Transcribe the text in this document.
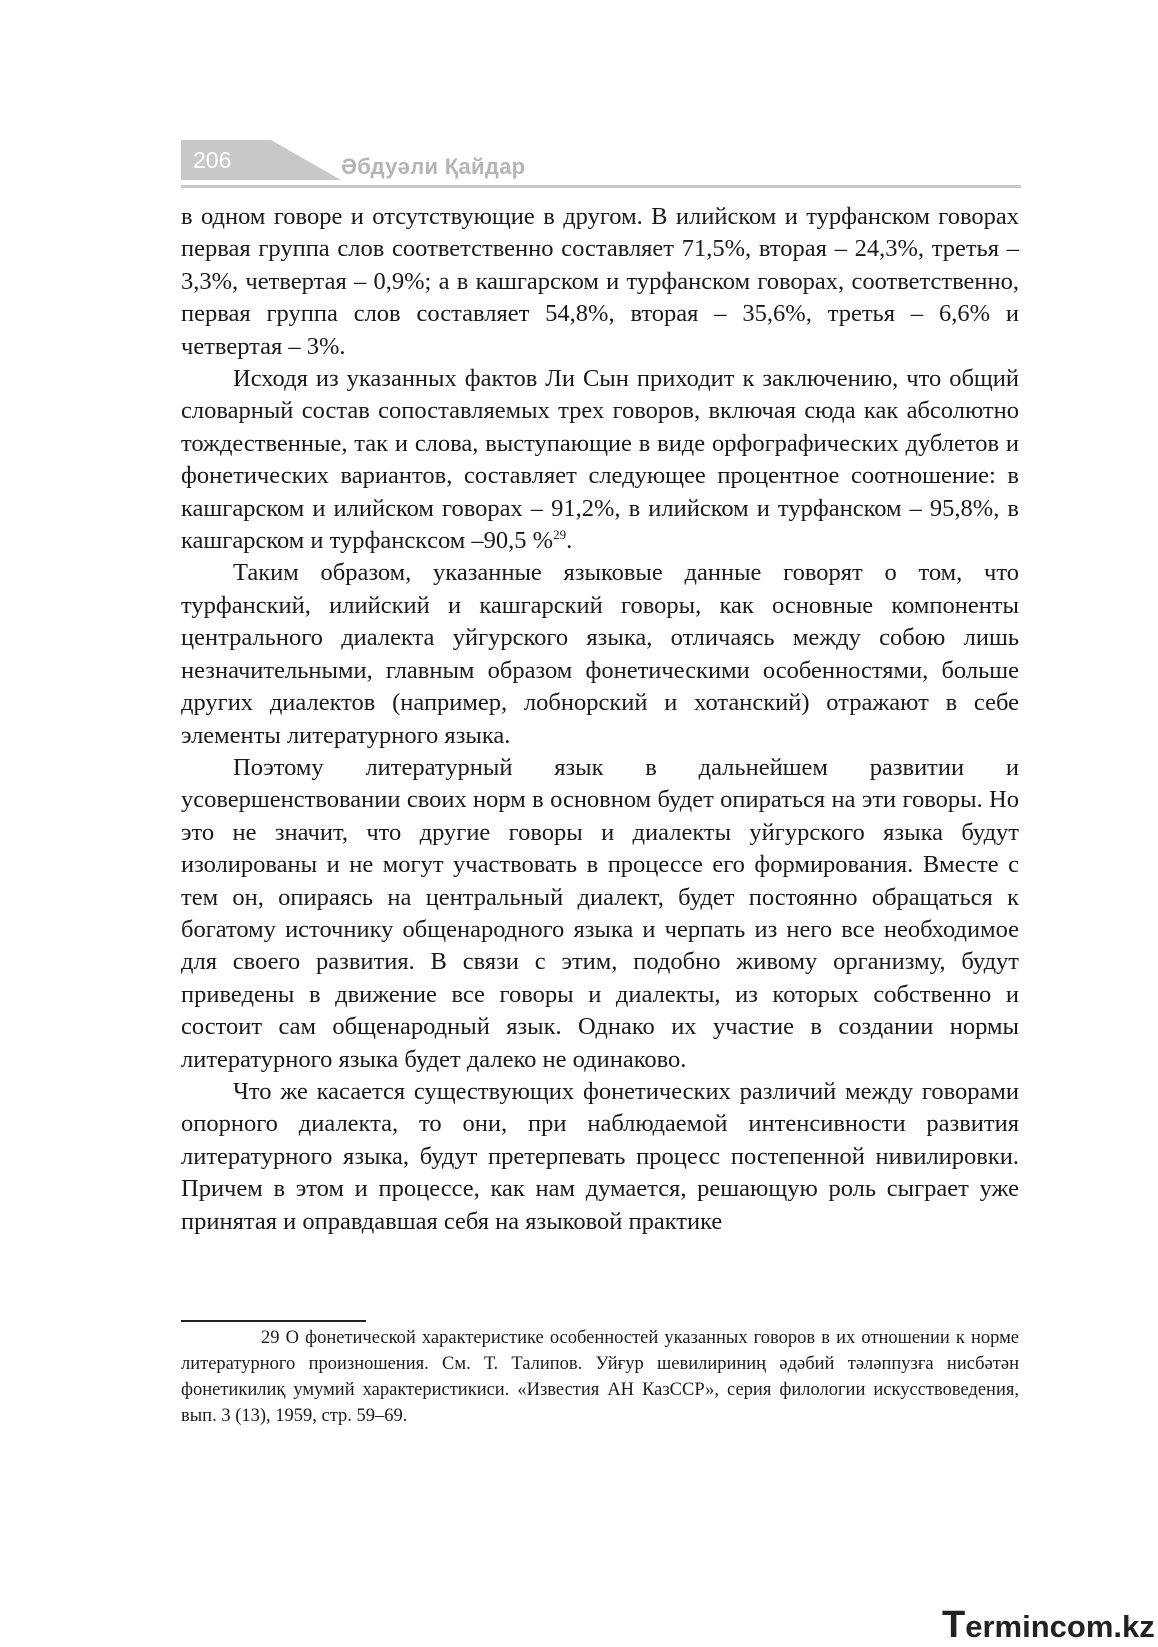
206	Әбдуәли Қайдар

в одном говоре и отсутствующие в другом. В илийском и турфанском говорах первая группа слов соответственно составляет 71,5%, вторая – 24,3%, третья – 3,3%, четвертая – 0,9%; а в кашгарском и турфанском говорах, соответственно, первая группа слов составляет 54,8%, вторая – 35,6%, третья – 6,6% и четвертая – 3%.

Исходя из указанных фактов Ли Сын приходит к заключению, что общий словарный состав сопоставляемых трех говоров, включая сюда как абсолютно тождественные, так и слова, выступающие в виде орфографических дублетов и фонетических вариантов, составляет следующее процентное соотношение: в кашгарском и илийском говорах – 91,2%, в илийском и турфанском – 95,8%, в кашгарском и турфанскcом –90,5 %$^{29}$.

Таким образом, указанные языковые данные говорят о том, что турфанский, илийский и кашгарский говоры, как основные компоненты центрального диалекта уйгурского языка, отличаясь между собою лишь незначительными, главным образом фонетическими особенностями, больше других диалектов (например, лобнорский и хотанский) отражают в себе элементы литературного языка.

Поэтому литературный язык в дальнейшем развитии и усовершенствовании своих норм в основном будет опираться на эти говоры. Но это не значит, что другие говоры и диалекты уйгурского языка будут изолированы и не могут участвовать в процессе его формирования. Вместе с тем он, опираясь на центральный диалект, будет постоянно обращаться к богатому источнику общенародного языка и черпать из него все необходимое для своего развития. В связи с этим, подобно живому организму, будут приведены в движение все говоры и диалекты, из которых собственно и состоит сам общенародный язык. Однако их участие в создании нормы литературного языка будет далеко не одинаково.

Что же касается существующих фонетических различий между говорами опорного диалекта, то они, при наблюдаемой интенсивности развития литературного языка, будут претерпевать процесс постепенной нивилировки. Причем в этом и процессе, как нам думается, решающую роль сыграет уже принятая и оправдавшая себя на языковой практике

29 О фонетической характеристике особенностей указанных говоров в их отношении к норме литературного произношения. См. Т. Талипов. Уйғур шевилириниң әдәбий тәләппузға нисбәтән фонетикилиқ умумий характеристикиси. «Известия АН КазССР», серия филологии искусствоведения, вып. 3 (13), 1959, стр. 59–69.
Termincom.kz
